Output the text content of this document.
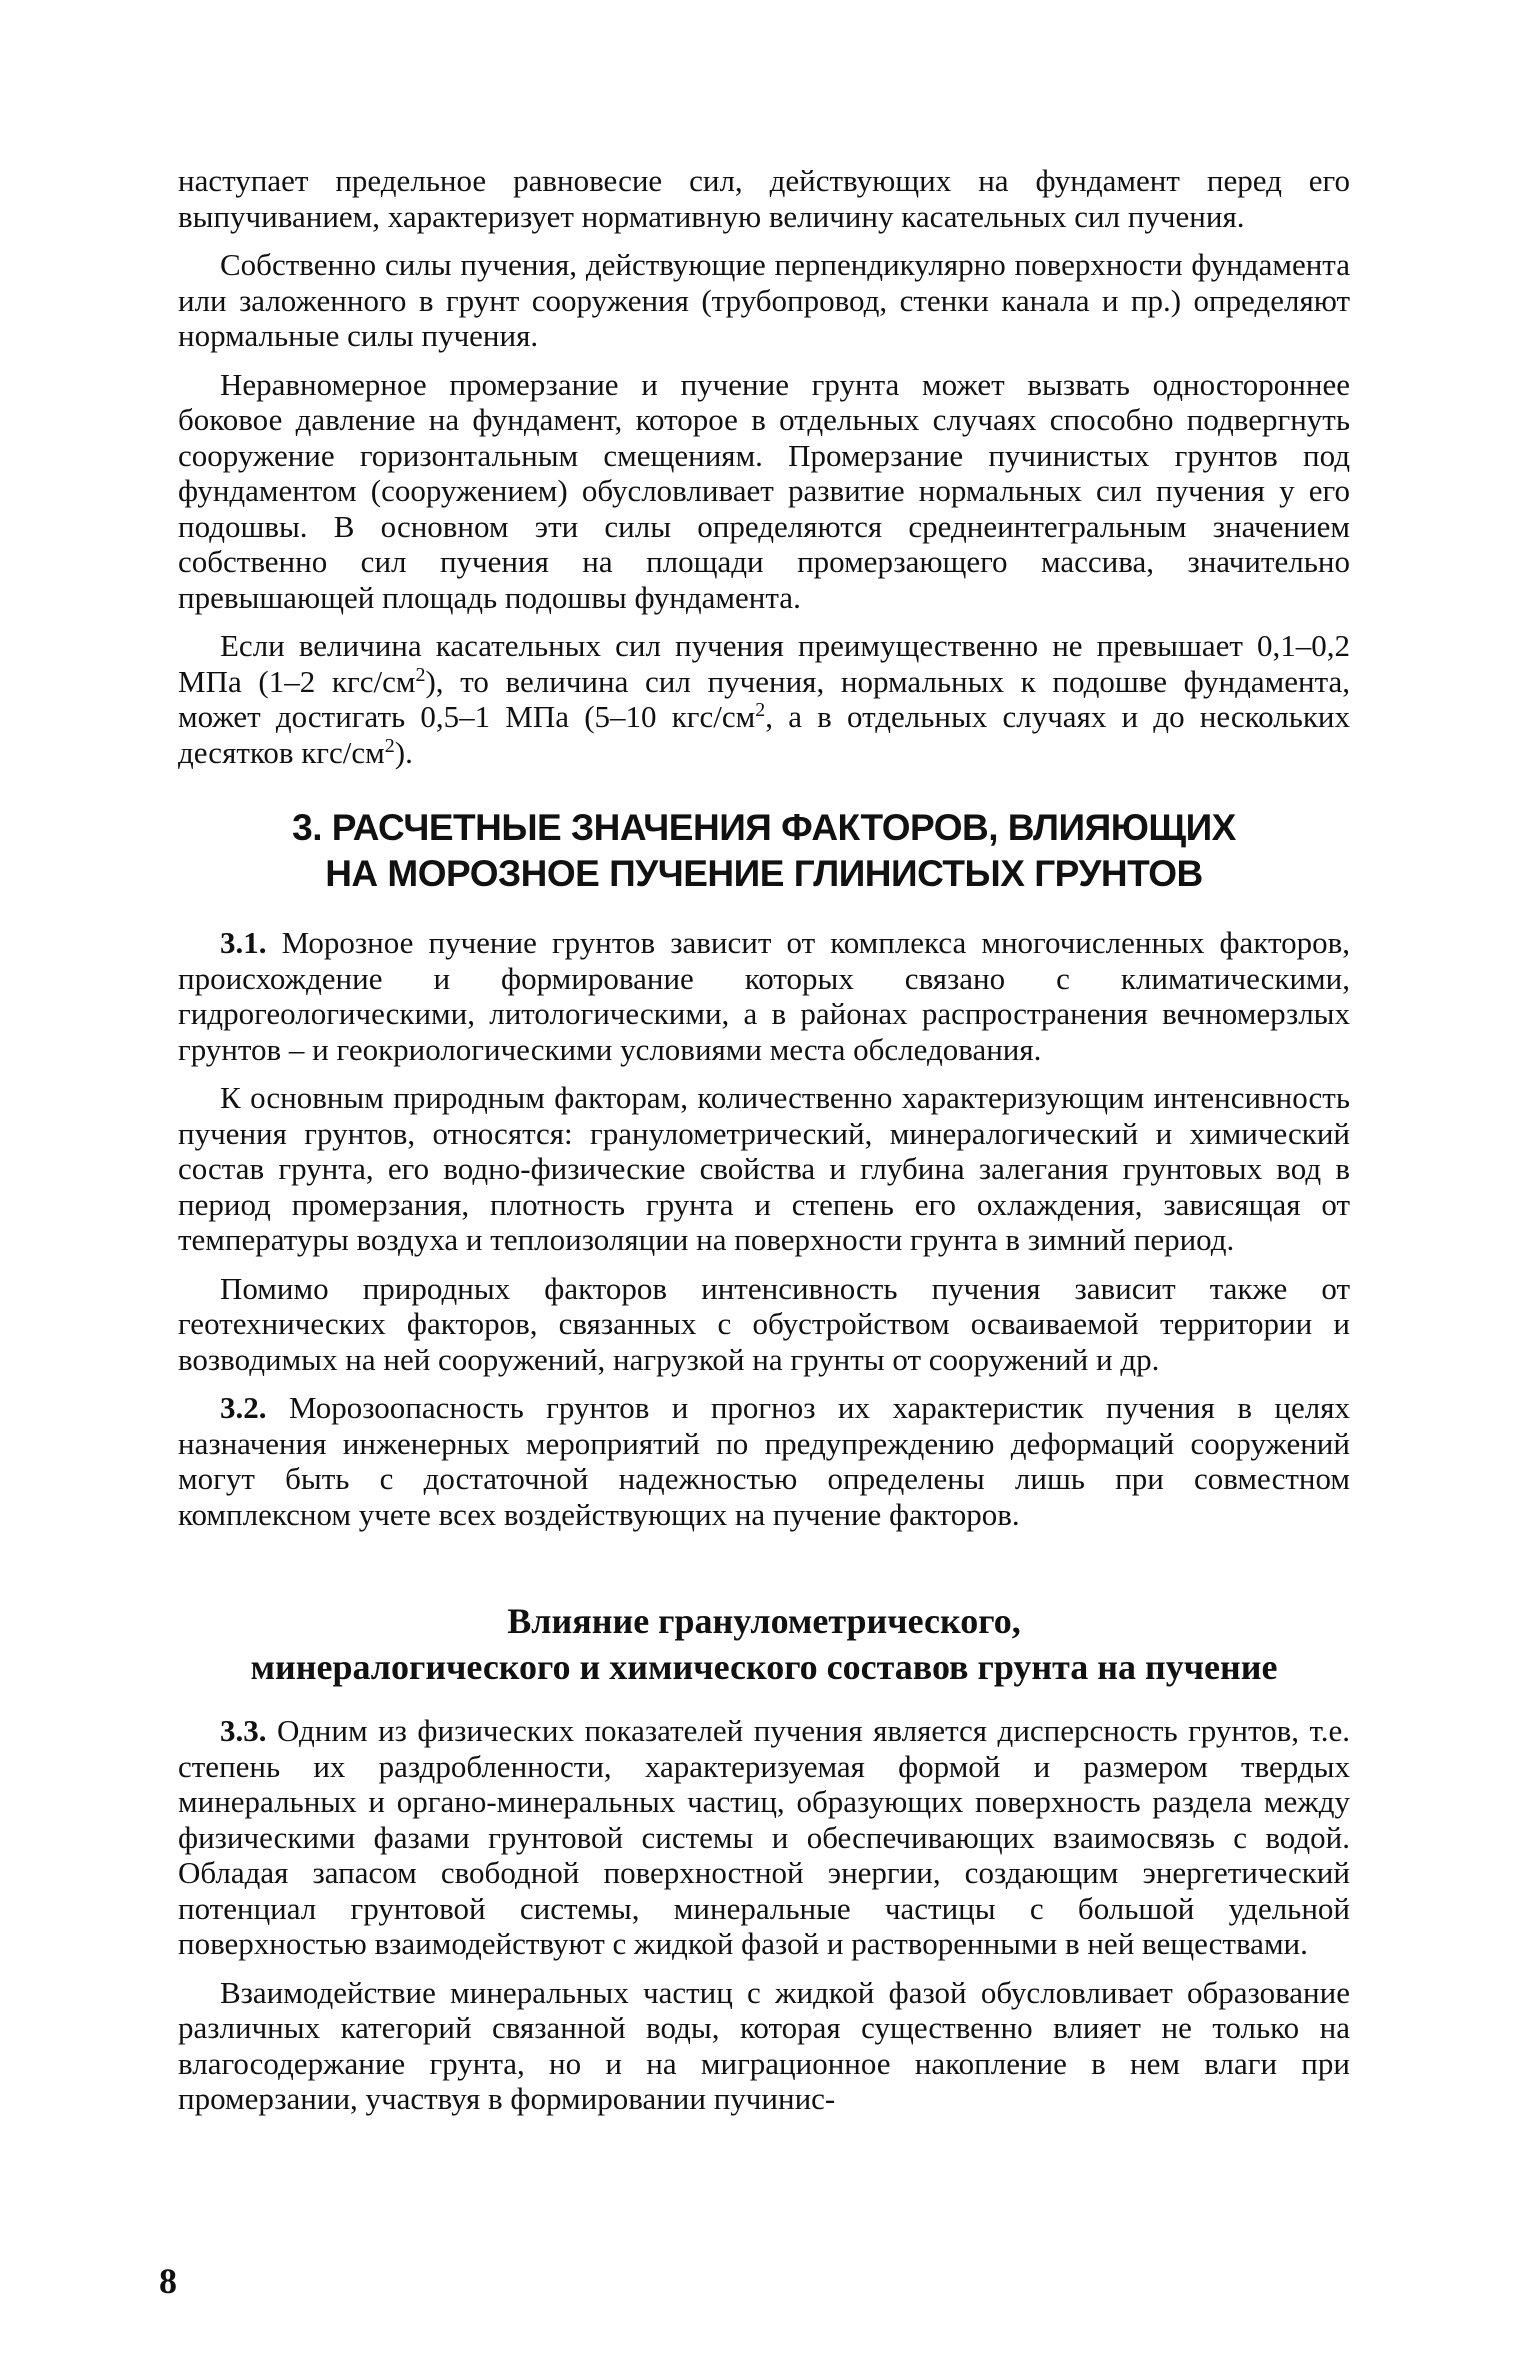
наступает предельное равновесие сил, действующих на фундамент перед его выпучиванием, характеризует нормативную величину касательных сил пучения.

Собственно силы пучения, действующие перпендикулярно поверхности фундамента или заложенного в грунт сооружения (трубопровод, стенки канала и пр.) определяют нормальные силы пучения.

Неравномерное промерзание и пучение грунта может вызвать одностороннее боковое давление на фундамент, которое в отдельных случаях способно подвергнуть сооружение горизонтальным смещениям. Промерзание пучинистых грунтов под фундаментом (сооружением) обусловливает развитие нормальных сил пучения у его подошвы. В основном эти силы определяются среднеинтегральным значением собственно сил пучения на площади промерзающего массива, значительно превышающей площадь подошвы фундамента.

Если величина касательных сил пучения преимущественно не превышает 0,1–0,2 МПа (1–2 кгс/$см^2$), то величина сил пучения, нормальных к подошве фундамента, может достигать 0,5–1 МПа (5–10 кгс/$см^2$, а в отдельных случаях и до нескольких десятков кгс/$см^2$).

3. РАСЧЕТНЫЕ ЗНАЧЕНИЯ ФАКТОРОВ, ВЛИЯЮЩИХ
НА МОРОЗНОЕ ПУЧЕНИЕ ГЛИНИСТЫХ ГРУНТОВ

3.1. Морозное пучение грунтов зависит от комплекса многочисленных факторов, происхождение и формирование которых связано с климатическими, гидрогеологическими, литологическими, а в районах распространения вечномерзлых грунтов – и геокриологическими условиями места обследования.

К основным природным факторам, количественно характеризующим интенсивность пучения грунтов, относятся: гранулометрический, минералогический и химический состав грунта, его водно-физические свойства и глубина залегания грунтовых вод в период промерзания, плотность грунта и степень его охлаждения, зависящая от температуры воздуха и теплоизоляции на поверхности грунта в зимний период.

Помимо природных факторов интенсивность пучения зависит также от геотехнических факторов, связанных с обустройством осваиваемой территории и возводимых на ней сооружений, нагрузкой на грунты от сооружений и др.

3.2. Морозоопасность грунтов и прогноз их характеристик пучения в целях назначения инженерных мероприятий по предупреждению деформаций сооружений могут быть с достаточной надежностью определены лишь при совместном комплексном учете всех воздействующих на пучение факторов.

Влияние гранулометрического,
минералогического и химического составов грунта на пучение

3.3. Одним из физических показателей пучения является дисперсность грунтов, т.е. степень их раздробленности, характеризуемая формой и размером твердых минеральных и органо-минеральных частиц, образующих поверхность раздела между физическими фазами грунтовой системы и обеспечивающих взаимосвязь с водой. Обладая запасом свободной поверхностной энергии, создающим энергетический потенциал грунтовой системы, минеральные частицы с большой удельной поверхностью взаимодействуют с жидкой фазой и растворенными в ней веществами.

Взаимодействие минеральных частиц с жидкой фазой обусловливает образование различных категорий связанной воды, которая существенно влияет не только на влагосодержание грунта, но и на миграционное накопление в нем влаги при промерзании, участвуя в формировании пучинис-

8
